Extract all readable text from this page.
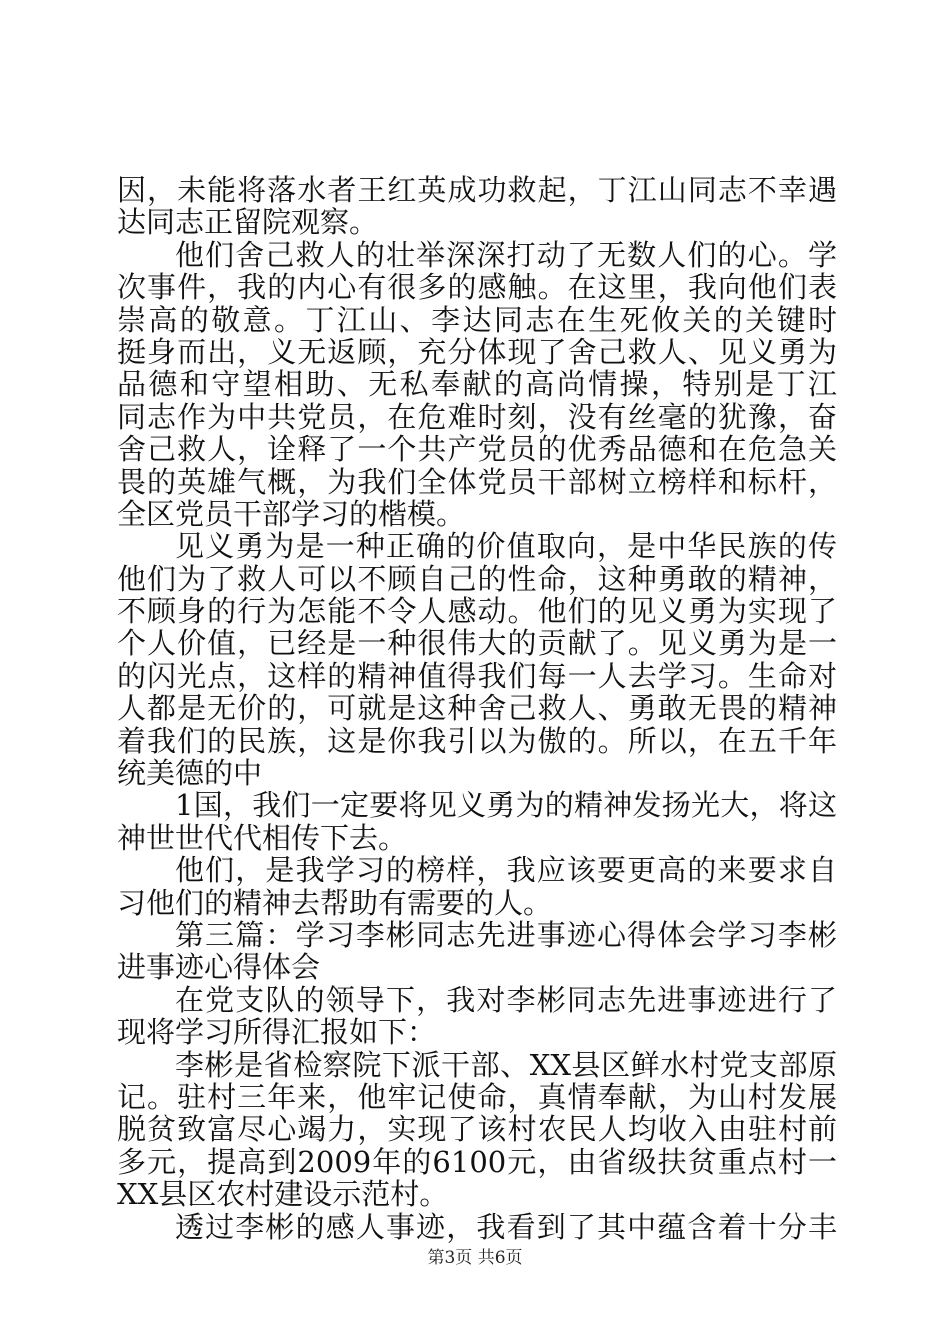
因，未能将落水者王红英成功救起，丁江山同志不幸遇
达同志正留院观察。
他们舍己救人的壮举深深打动了无数人们的心。学
次事件，我的内心有很多的感触。在这里，我向他们表
崇高的敬意。丁江山、李达同志在生死攸关的关键时
挺身而出，义无返顾，充分体现了舍己救人、见义勇为
品德和守望相助、无私奉献的高尚情操，特别是丁江
同志作为中共党员，在危难时刻，没有丝毫的犹豫，奋
舍己救人，诠释了一个共产党员的优秀品德和在危急关
畏的英雄气概，为我们全体党员干部树立榜样和标杆，
全区党员干部学习的楷模。
见义勇为是一种正确的价值取向，是中华民族的传
他们为了救人可以不顾自己的性命，这种勇敢的精神，
不顾身的行为怎能不令人感动。他们的见义勇为实现了
个人价值，已经是一种很伟大的贡献了。见义勇为是一
的闪光点，这样的精神值得我们每一人去学习。生命对
人都是无价的，可就是这种舍己救人、勇敢无畏的精神
着我们的民族，这是你我引以为傲的。所以，在五千年
统美德的中
1国，我们一定要将见义勇为的精神发扬光大，将这
神世世代代相传下去。
他们，是我学习的榜样，我应该要更高的来要求自
习他们的精神去帮助有需要的人。
第三篇：学习李彬同志先进事迹心得体会学习李彬
进事迹心得体会
在党支队的领导下，我对李彬同志先进事迹进行了
现将学习所得汇报如下：
李彬是省检察院下派干部、XX县区鲜水村党支部原
记。驻村三年来，他牢记使命，真情奉献，为山村发展
脱贫致富尽心竭力，实现了该村农民人均收入由驻村前
多元，提高到2009年的6100元，由省级扶贫重点村一
XX县区农村建设示范村。
透过李彬的感人事迹，我看到了其中蕴含着十分丰
第3页 共6页
